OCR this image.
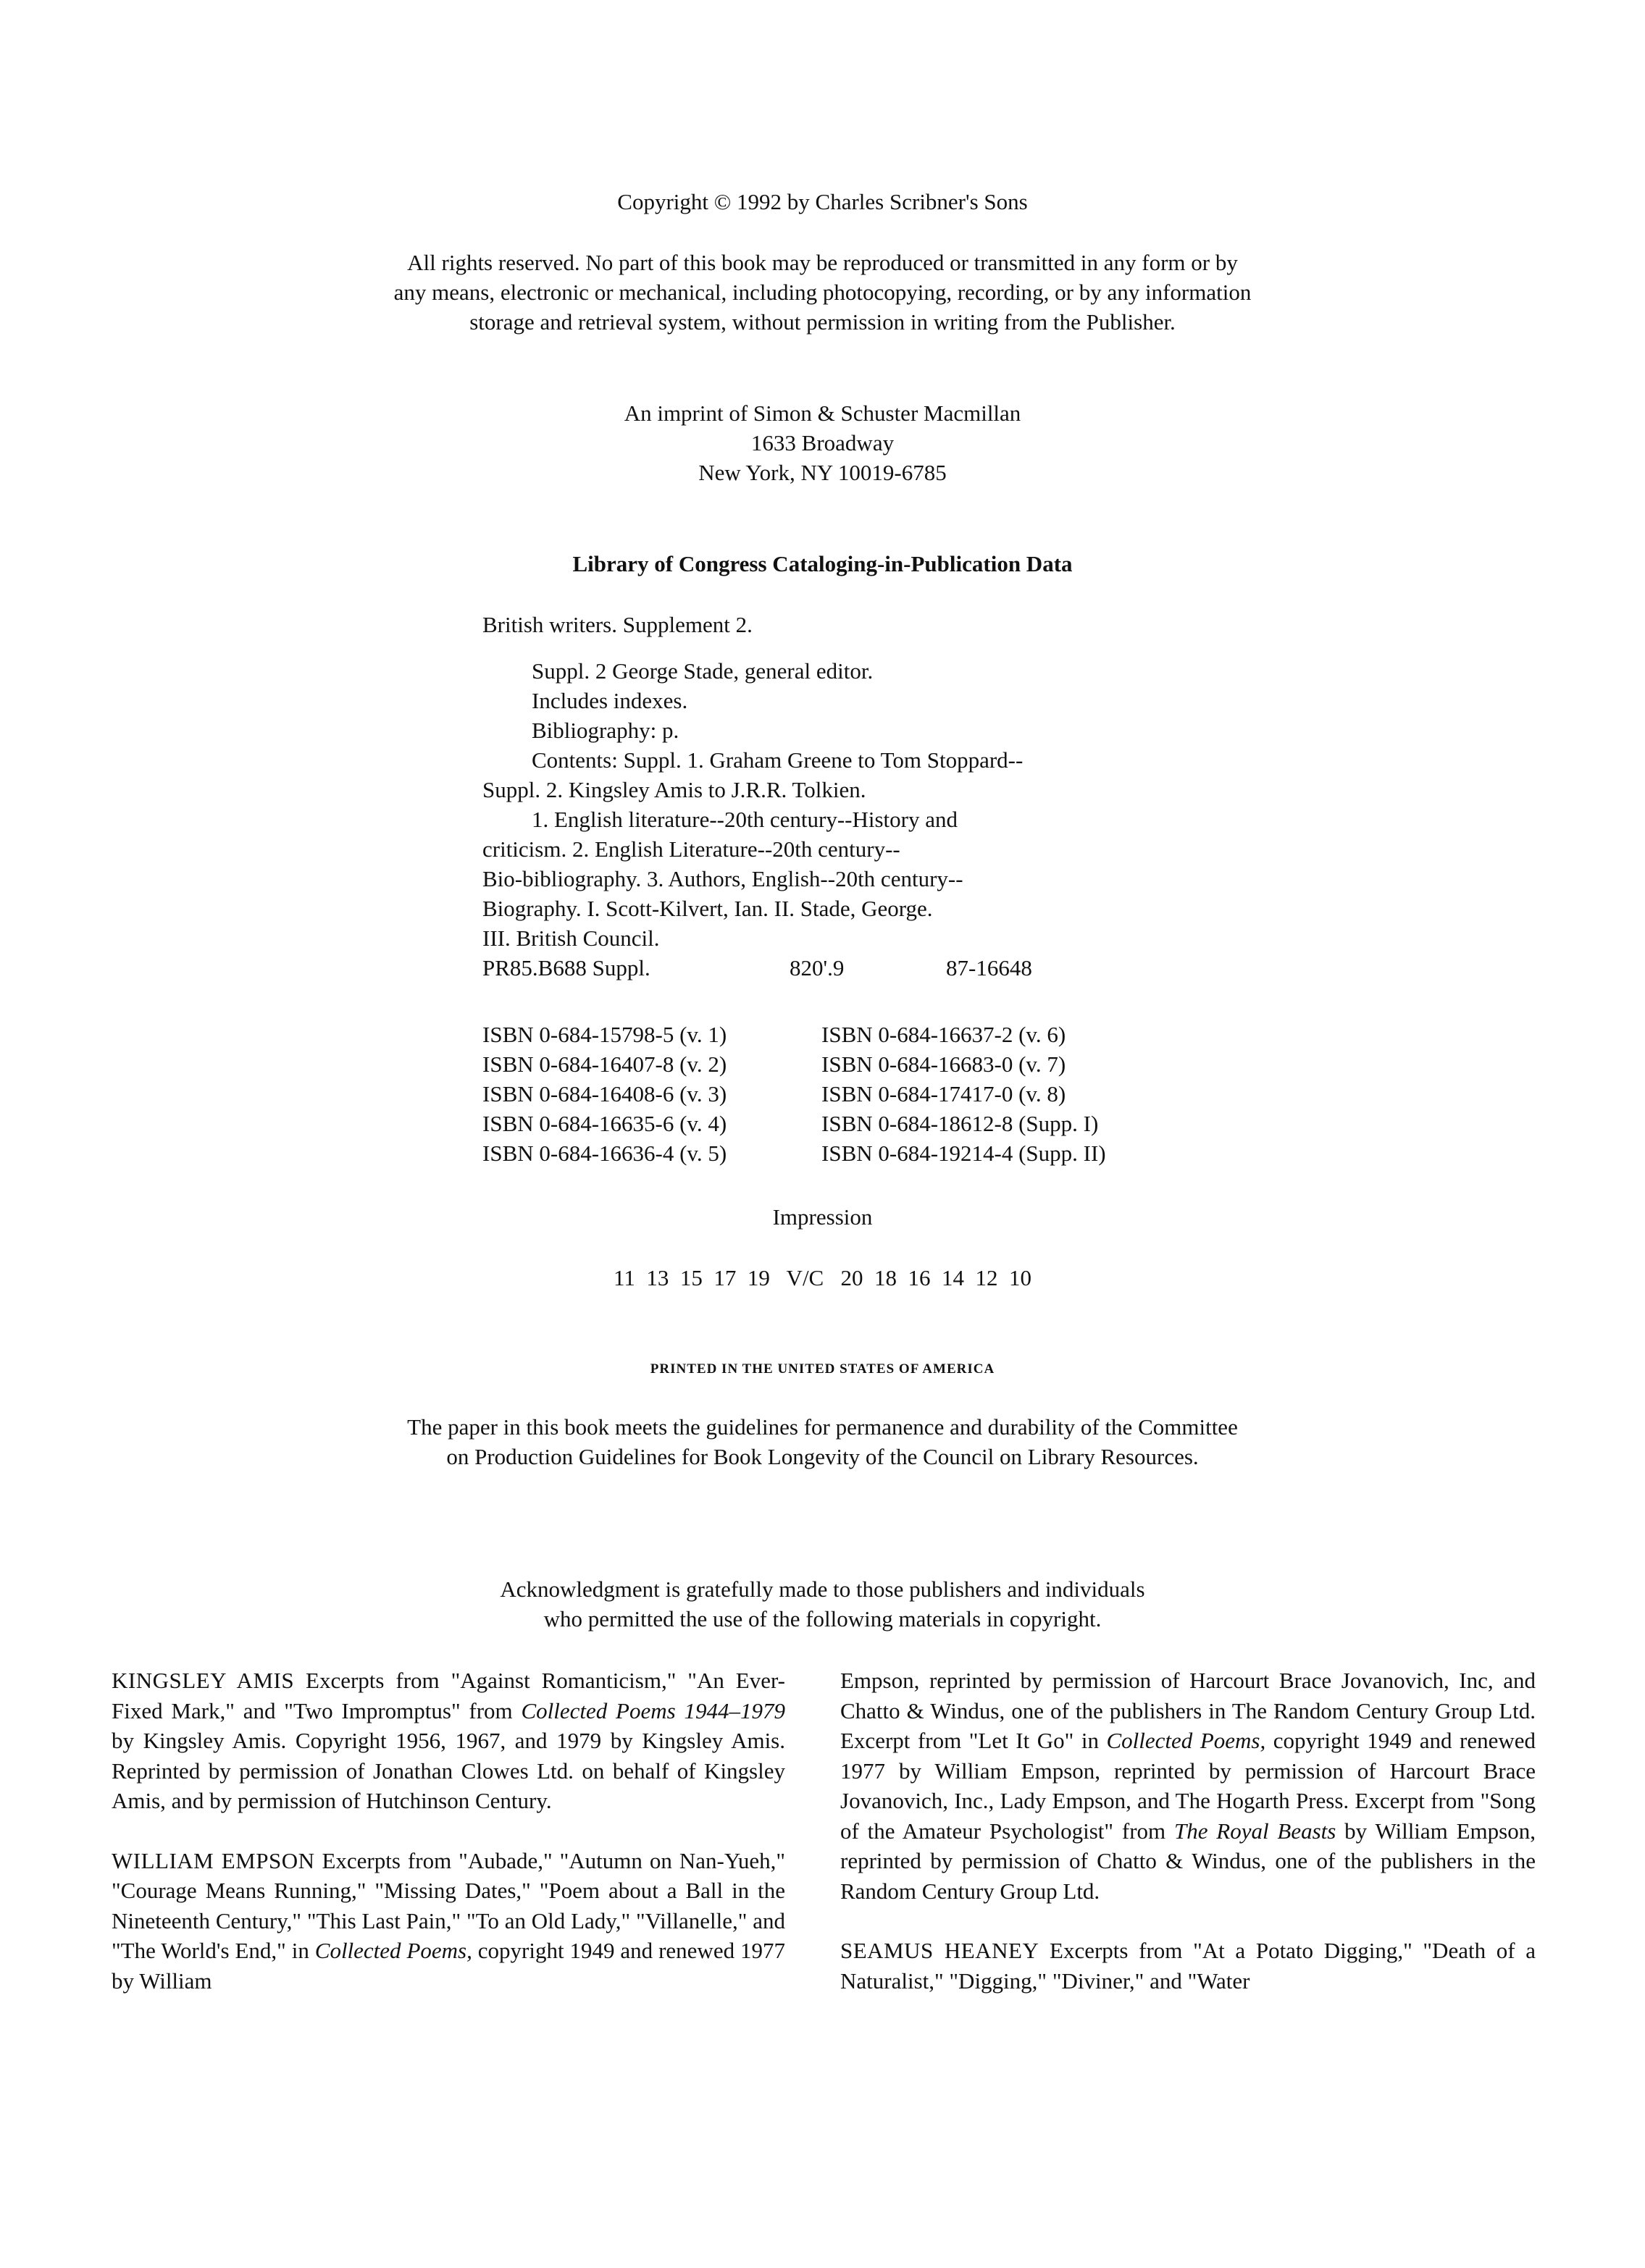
Copyright © 1992 by Charles Scribner's Sons
All rights reserved. No part of this book may be reproduced or transmitted in any form or by
any means, electronic or mechanical, including photocopying, recording, or by any information
storage and retrieval system, without permission in writing from the Publisher.
An imprint of Simon & Schuster Macmillan
1633 Broadway
New York, NY 10019-6785
Library of Congress Cataloging-in-Publication Data
British writers. Supplement 2.
Suppl. 2 George Stade, general editor.
Includes indexes.
Bibliography: p.
Contents: Suppl. 1. Graham Greene to Tom Stoppard--
Suppl. 2. Kingsley Amis to J.R.R. Tolkien.
1. English literature--20th century--History and
criticism. 2. English Literature--20th century--
Bio-bibliography. 3. Authors, English--20th century--
Biography. I. Scott-Kilvert, Ian. II. Stade, George.
III. British Council.
PR85.B688 Suppl.	820'.9	87-16648
ISBN 0-684-15798-5 (v. 1)
ISBN 0-684-16407-8 (v. 2)
ISBN 0-684-16408-6 (v. 3)
ISBN 0-684-16635-6 (v. 4)
ISBN 0-684-16636-4 (v. 5)
ISBN 0-684-16637-2 (v. 6)
ISBN 0-684-16683-0 (v. 7)
ISBN 0-684-17417-0 (v. 8)
ISBN 0-684-18612-8 (Supp. I)
ISBN 0-684-19214-4 (Supp. II)
Impression
11  13  15  17  19   V/C   20  18  16  14  12  10
PRINTED IN THE UNITED STATES OF AMERICA
The paper in this book meets the guidelines for permanence and durability of the Committee
on Production Guidelines for Book Longevity of the Council on Library Resources.
Acknowledgment is gratefully made to those publishers and individuals
who permitted the use of the following materials in copyright.

KINGSLEY AMIS Excerpts from "Against Romanticism," "An Ever-Fixed Mark," and "Two Impromptus" from Collected Poems 1944–1979 by Kingsley Amis. Copyright 1956, 1967, and 1979 by Kingsley Amis. Reprinted by permission of Jonathan Clowes Ltd. on behalf of Kingsley Amis, and by permission of Hutchinson Century.

WILLIAM EMPSON Excerpts from "Aubade," "Autumn on Nan-Yueh," "Courage Means Running," "Missing Dates," "Poem about a Ball in the Nineteenth Century," "This Last Pain," "To an Old Lady," "Villanelle," and "The World's End," in Collected Poems, copyright 1949 and renewed 1977 by William

Empson, reprinted by permission of Harcourt Brace Jovanovich, Inc, and Chatto & Windus, one of the publishers in The Random Century Group Ltd. Excerpt from "Let It Go" in Collected Poems, copyright 1949 and renewed 1977 by William Empson, reprinted by permission of Harcourt Brace Jovanovich, Inc., Lady Empson, and The Hogarth Press. Excerpt from "Song of the Amateur Psychologist" from The Royal Beasts by William Empson, reprinted by permission of Chatto & Windus, one of the publishers in the Random Century Group Ltd.

SEAMUS HEANEY Excerpts from "At a Potato Digging," "Death of a Naturalist," "Digging," "Diviner," and "Water
